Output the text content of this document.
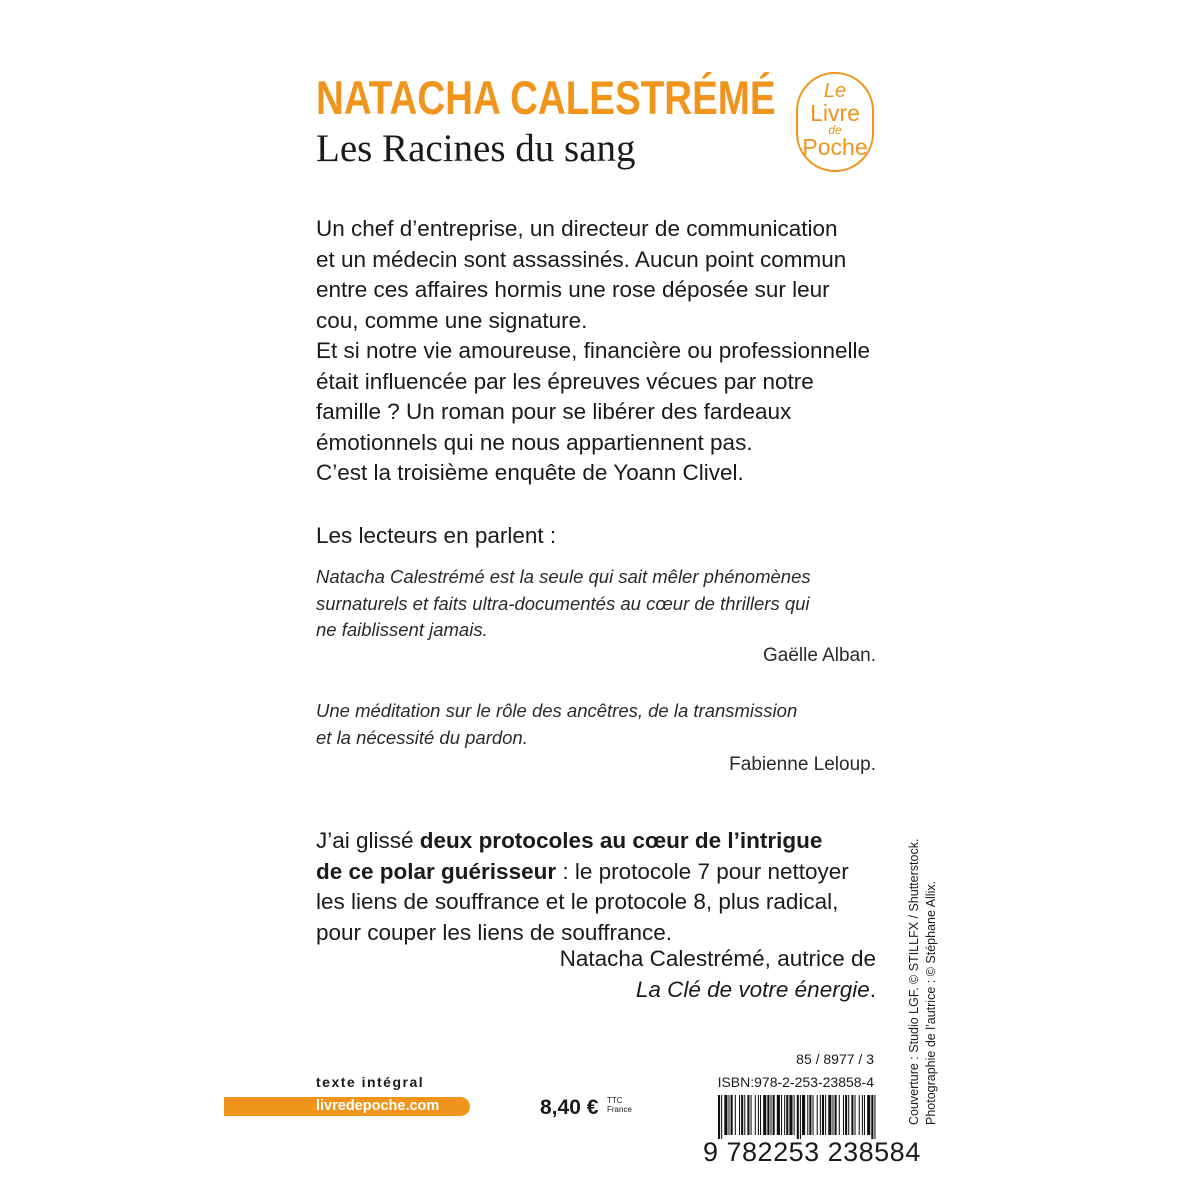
NATACHA CALESTRÉMÉ
Les Racines du sang
Le
Livre
de
Poche
Un chef d’entreprise, un directeur de communication
et un médecin sont assassinés. Aucun point commun
entre ces affaires hormis une rose déposée sur leur
cou, comme une signature.
Et si notre vie amoureuse, financière ou professionnelle
était influencée par les épreuves vécues par notre
famille ? Un roman pour se libérer des fardeaux
émotionnels qui ne nous appartiennent pas.
C’est la troisième enquête de Yoann Clivel.
Les lecteurs en parlent :
Natacha Calestrémé est la seule qui sait mêler phénomènes
surnaturels et faits ultra-documentés au cœur de thrillers qui
ne faiblissent jamais.
Gaëlle Alban.
Une méditation sur le rôle des ancêtres, de la transmission
et la nécessité du pardon.
Fabienne Leloup.
J’ai glissé deux protocoles au cœur de l’intrigue
de ce polar guérisseur : le protocole 7 pour nettoyer
les liens de souffrance et le protocole 8, plus radical,
pour couper les liens de souffrance.
Natacha Calestrémé, autrice de
La Clé de votre énergie. Couverture : Studio LGF. © STILLFX / Shutterstock. Photographie de l’autrice : © Stéphane Allix.
texte intégral
livredepoche.com	8,40 € TTC
France
85 / 8977 / 3
ISBN:978-2-253-23858-4
9 782253 238584
